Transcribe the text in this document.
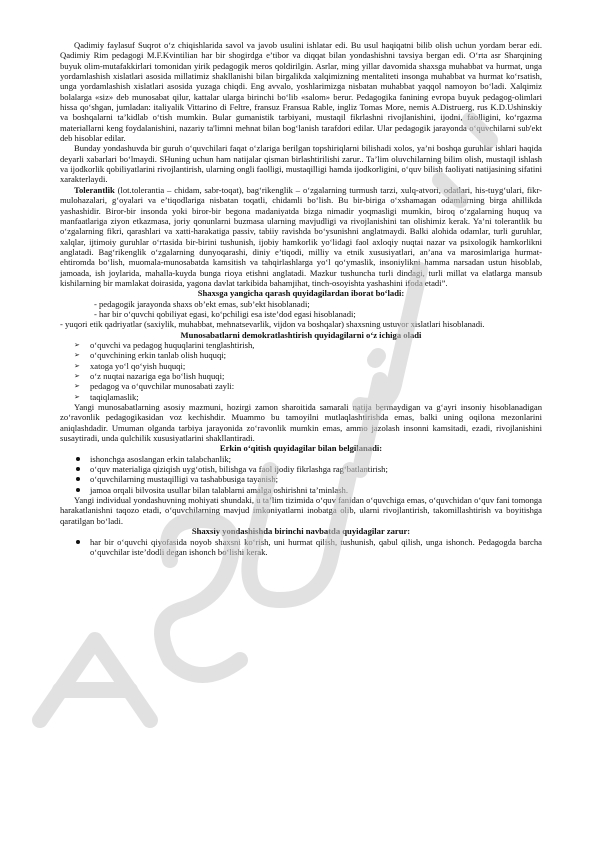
Qadimiy faylasuf Suqrot o‘z chiqishlarida savol va javob usulini ishlatar edi. Bu usul haqiqatni bilib olish uchun yordam berar edi. Qadimiy Rim pedagogi M.F.Kvintilian har bir shogirdga e’tibor va diqqat bilan yondashishni tavsiya bergan edi. O‘rta asr Sharqining buyuk olim-mutafakkirlari tomonidan yirik pedagogik meros qoldirilgin. Asrlar, ming yillar davomida shaxsga muhabbat va hurmat, unga yordamlashish xislatlari asosida millatimiz shakllanishi bilan birgalikda xalqimizning mentaliteti insonga muhabbat va hurmat ko‘rsatish, unga yordamlashish xislatlari asosida yuzaga chiqdi. Eng avvalo, yoshlarimizga nisbatan muhabbat yaqqol namoyon bo‘ladi. Xalqimiz bolalarga «siz» deb munosabat qilur, kattalar ularga birinchi bo‘lib «salom» berur. Pedagogika fanining evropa buyuk pedagog-olimlari hissa qo‘shgan, jumladan: italiyalik Vittarino di Feltre, fransuz Fransua Rable, ingliz Tomas More, nemis A.Distruerg, rus K.D.Ushinskiy va boshqalarni ta’kidlab o‘tish mumkin. Bular gumanistik tarbiyani, mustaqil fikrlashni rivojlanishini, ijodni, faolligini, ko‘rgazma materiallarni keng foydalanishini, nazariy ta'limni mehnat bilan bog‘lanish tarafdori edilar. Ular pedagogik jarayonda o‘quvchilarni sub'ekt deb hisoblar edilar.

Bunday yondashuvda bir guruh o‘quvchilari faqat o‘zlariga berilgan topshiriqlarni bilishadi xolos, ya’ni boshqa guruhlar ishlari haqida deyarli xabarlari bo‘lmaydi. SHuning uchun ham natijalar qisman birlashtirilishi zarur.. Ta’lim oluvchilarning bilim olish, mustaqil ishlash va ijodkorlik qobiliyatlarini rivojlantirish, ularning ongli faolligi, mustaqilligi hamda ijodkorligini, o‘quv bilish faoliyati natijasining sifatini xarakterlaydi.

Tolerantlik (lot.tolerantia – chidam, sabr-toqat), bag‘rikenglik – o‘zgalarning turmush tarzi, xulq-atvori, odatlari, his-tuyg‘ulari, fikr- mulohazalari, g‘oyalari va e’tiqodlariga nisbatan toqatli, chidamli bo‘lish. Bu bir-biriga o‘xshamagan odamlarning birga ahillikda yashashidir. Biror-bir insonda yoki biror-bir begona madaniyatda bizga nimadir yoqmasligi mumkin, biroq o‘zgalarning huquq va manfaatlariga ziyon etkazmasa, joriy qonunlarni buzmasa ularning mavjudligi va rivojlanishini tan olishimiz kerak. Ya’ni tolerantlik bu o‘zgalarning fikri, qarashlari va xatti-harakatiga passiv, tabiiy ravishda bo‘ysunishni anglatmaydi. Balki alohida odamlar, turli guruhlar, xalqlar, ijtimoiy guruhlar o‘rtasida bir-birini tushunish, ijobiy hamkorlik yo‘lidagi faol axloqiy nuqtai nazar va psixologik hamkorlikni anglatadi. Bag‘rikenglik o‘zgalarning dunyoqarashi, diniy e’tiqodi, milliy va etnik xususiyatlari, an’ana va marosimlariga hurmat-ehtiromda bo‘lish, muomala-munosabatda kamsitish va tahqirlashlarga yo‘l qo‘ymaslik, insoniylikni hamma narsadan ustun hisoblab, jamoada, ish joylarida, mahalla-kuyda bunga rioya etishni anglatadi. Mazkur tushuncha turli dindagi, turli millat va elatlarga mansub kishilarning bir mamlakat doirasida, yagona davlat tarkibida bahamjihat, tinch-osoyishta yashashini ifoda etadi”.

Shaxsga yangicha qarash quyidagilardan iborat bo‘ladi:

- pedagogik jarayonda shaxs ob’ekt emas, sub’ekt hisoblanadi;

- har bir o‘quvchi qobiliyat egasi, ko‘pchiligi esa iste’dod egasi hisoblanadi;

- yuqori etik qadriyatlar (saxiylik, muhabbat, mehnatsevarlik, vijdon va boshqalar) shaxsning ustuvor xislatlari hisoblanadi.

Munosabatlarni demokratlashtirish quyidagilarni o‘z ichiga oladi

➢ o‘quvchi va pedagog huquqlarini tenglashtirish,
➢ o‘quvchining erkin tanlab olish huquqi;
➢ xatoga yo‘l qo‘yish huquqi;
➢ o‘z nuqtai nazariga ega bo‘lish huquqi;
➢ pedagog va o‘quvchilar munosabati zayli:
➢ taqiqlamaslik;

Yangi munosabatlarning asosiy mazmuni, hozirgi zamon sharoitida samarali natija bermaydigan va g‘ayri insoniy hisoblanadigan zo‘ravonlik pedagogikasidan voz kechishdir. Muammo bu tamoyilni mutlaqlashtirishda emas, balki uning oqilona mezonlarini aniqlashdadir. Umuman olganda tarbiya jarayonida zo‘ravonlik mumkin emas, ammo jazolash insonni kamsitadi, ezadi, rivojlanishini susaytiradi, unda qulchilik xususiyatlarini shakllantiradi.

Erkin o‘qitish quyidagilar bilan belgilanadi:

ishonchga asoslangan erkin talabchanlik;
o‘quv materialiga qiziqish uyg‘otish, bilishga va faol ijodiy fikrlashga rag‘batlantirish;
o‘quvchilarning mustaqilligi va tashabbusiga tayanish;
jamoa orqali bilvosita usullar bilan talablarni amalga oshirishni ta’minlash.

Yangi individual yondashuvning mohiyati shundaki, u ta’lim tizimida o‘quv fanidan o‘quvchiga emas, o‘quvchidan o‘quv fani tomonga harakatlanishni taqozo etadi, o‘quvchilarning mavjud imkoniyatlarni inobatga olib, ularni rivojlantirish, takomillashtirish va boyitishga qaratilgan bo‘ladi.

Shaxsiy yondashishda birinchi navbatda quyidagilar zarur:

har bir o‘quvchi qiyofasida noyob shaxsni ko‘rish, uni hurmat qilish, tushunish, qabul qilish, unga ishonch. Pedagogda barcha o‘quvchilar iste’dodli degan ishonch bo‘lishi kerak.
